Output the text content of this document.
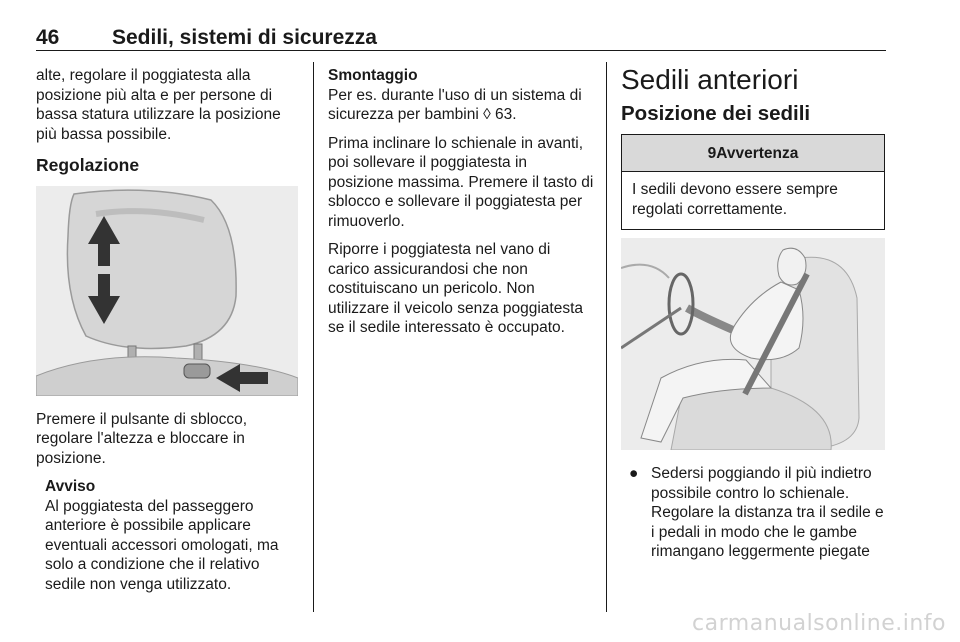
46	Sedili, sistemi di sicurezza

alte, regolare il poggiatesta alla posizione più alta e per persone di bassa statura utilizzare la posizione più bassa possibile.

Regolazione

Premere il pulsante di sblocco, regolare l'altezza e bloccare in posizione.

Avviso
Al poggiatesta del passeggero anteriore è possibile applicare eventuali accessori omologati, ma solo a condizione che il relativo sedile non venga utilizzato.
Smontaggio

Per es. durante l'uso di un sistema di sicurezza per bambini ◊ 63.

Prima inclinare lo schienale in avanti, poi sollevare il poggiatesta in posizione massima. Premere il tasto di sblocco e sollevare il poggiatesta per rimuoverlo.

Riporre i poggiatesta nel vano di carico assicurandosi che non costituiscano un pericolo. Non utilizzare il veicolo senza poggiatesta se il sedile interessato è occupato.

Sedili anteriori
Posizione dei sedili
9Avvertenza
I sedili devono essere sempre regolati correttamente.
● Sedersi poggiando il più indietro possibile contro lo schienale. Regolare la distanza tra il sedile e i pedali in modo che le gambe rimangano leggermente piegate
carmanualsonline.info
